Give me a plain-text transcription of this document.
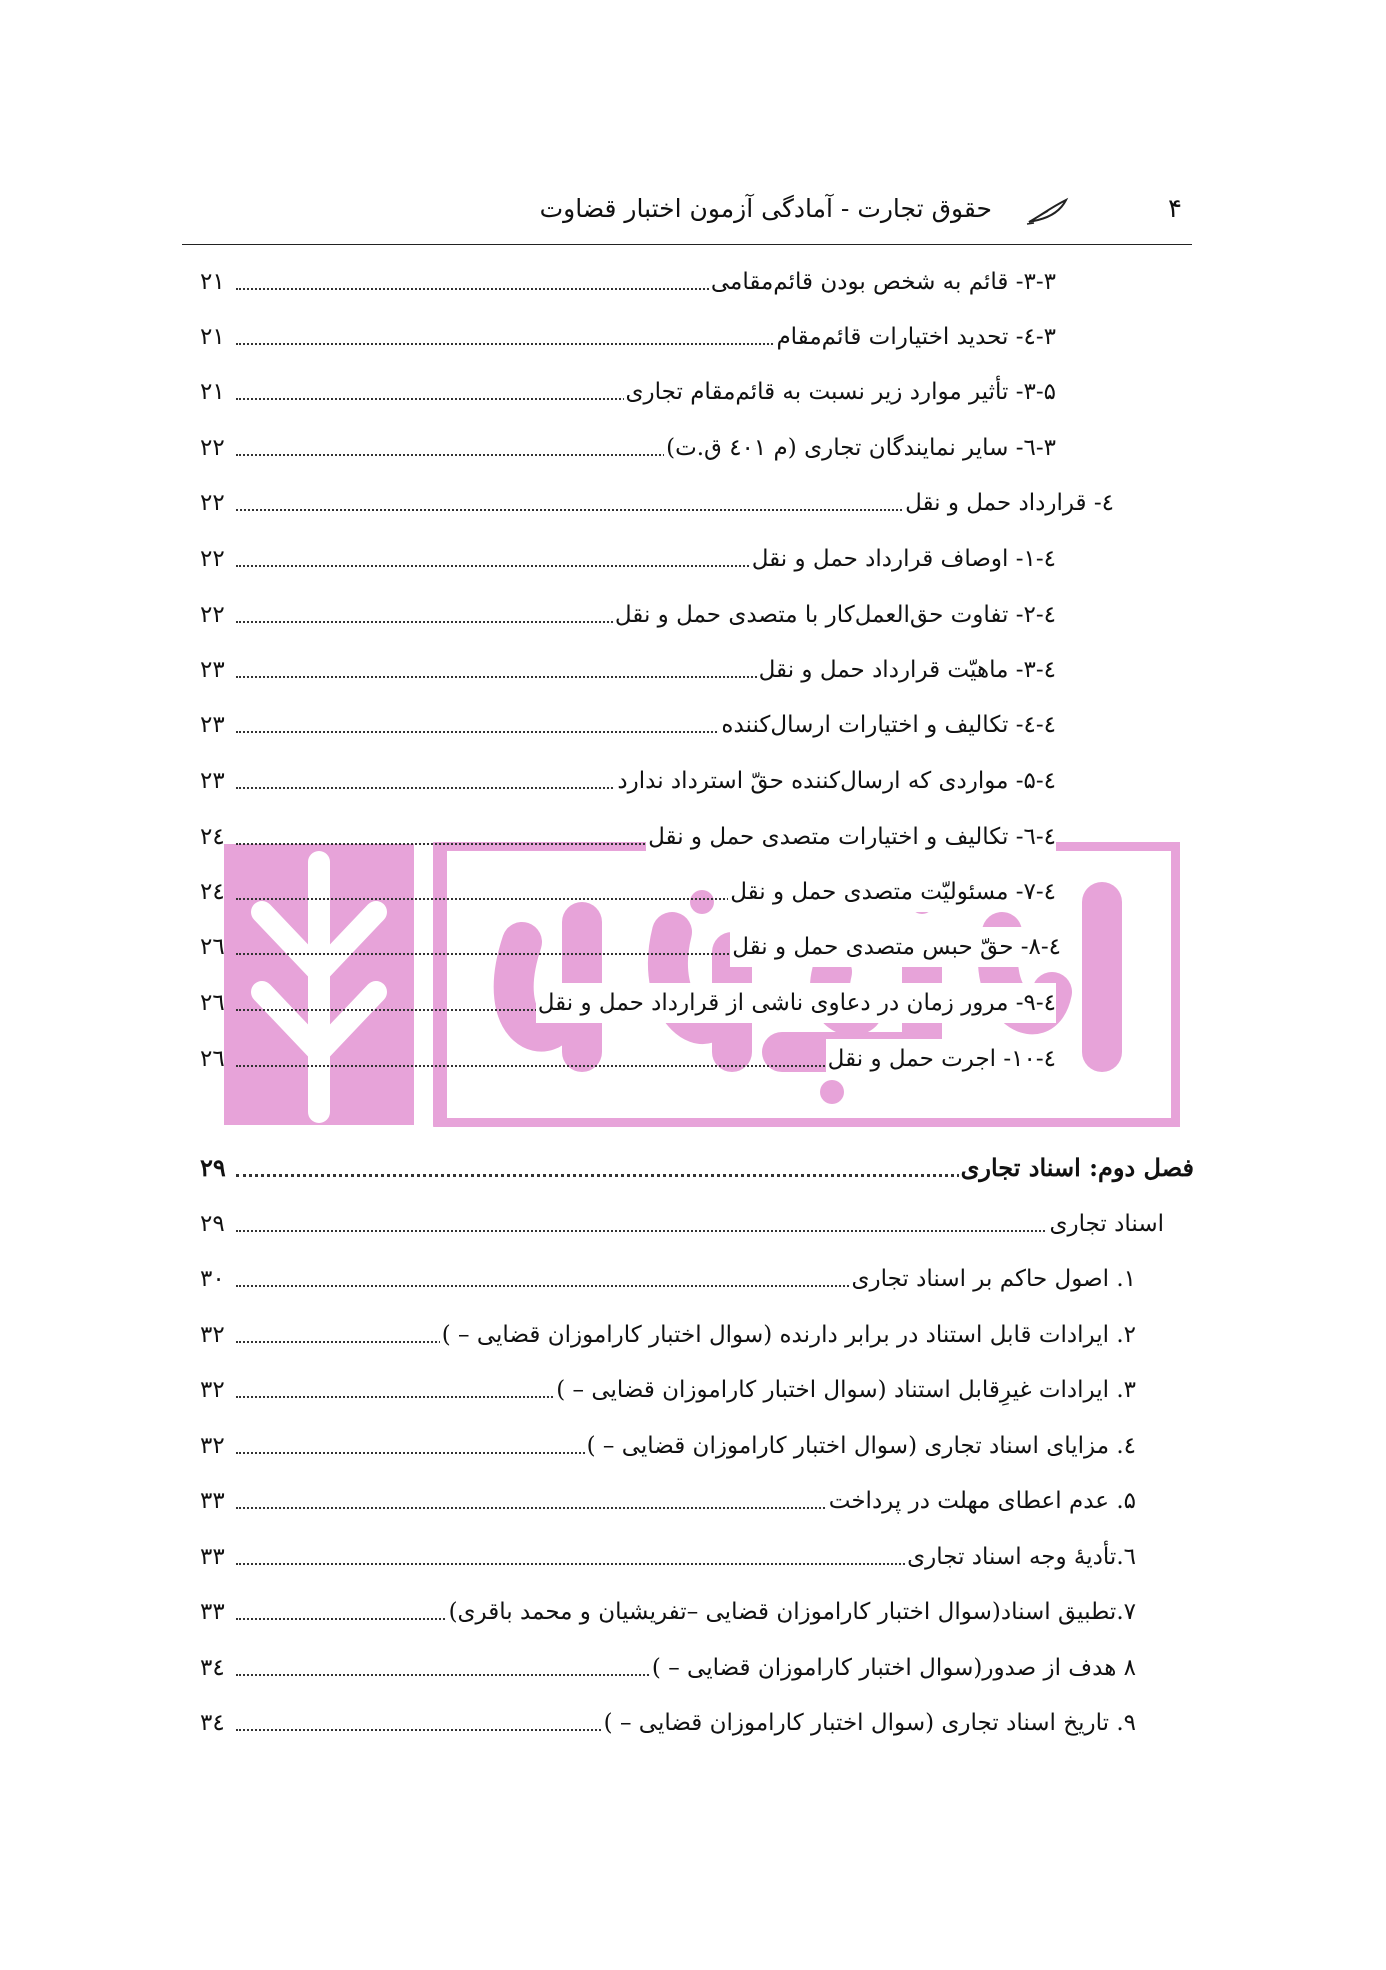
حقوق تجارت - آمادگی آزمون اختبار قضاوت	۴
۳-۳- قائم به شخص بودن قائم‌مقامی
۲۱
۳-٤- تحدید اختیارات قائم‌مقام
۲۱
۳-۵- تأثیر موارد زیر نسبت به قائم‌مقام تجاری
۲۱
۳-٦- سایر نمایندگان تجاری (م ٤٠١ ق.ت)
۲۲
٤- قرارداد حمل و نقل
۲۲
٤-۱- اوصاف قرارداد حمل و نقل
۲۲
٤-۲- تفاوت حق‌العمل‌کار با متصدی حمل و نقل
۲۲
٤-۳- ماهیّت قرارداد حمل و نقل
۲۳
٤-٤- تکالیف و اختیارات ارسال‌کننده
۲۳
٤-۵- مواردی که ارسال‌کننده حقّ استرداد ندارد
۲۳
٤-٦- تکالیف و اختیارات متصدی حمل و نقل
۲٤
٤-۷- مسئولیّت متصدی حمل و نقل
۲٤
٤-۸- حقّ حبس متصدی حمل و نقل
۲٦
٤-۹- مرور زمان در دعاوی ناشی از قرارداد حمل و نقل
۲٦
٤-۱۰- اجرت حمل و نقل
۲٦
فصل دوم: اسناد تجاری
۲۹
اسناد تجاری
۲۹
۱. اصول حاکم بر اسناد تجاری
۳۰
۲. ایرادات قابل استناد در برابر دارنده (سوال اختبار کاراموزان قضایی – )
۳۲
۳. ایرادات غیرِقابل استناد (سوال اختبار کاراموزان قضایی – )
۳۲
٤. مزایای اسناد تجاری (سوال اختبار کاراموزان قضایی – )
۳۲
۵. عدم اعطای مهلت در پرداخت
۳۳
٦.تأدیهٔ وجه اسناد تجاری
۳۳
۷.تطبیق اسناد(سوال اختبار کاراموزان قضایی –تفریشیان و محمد باقری)
۳۳
۸ هدف از صدور(سوال اختبار کاراموزان قضایی – )
۳٤
۹. تاریخ اسناد تجاری (سوال اختبار کاراموزان قضایی – )
۳٤
